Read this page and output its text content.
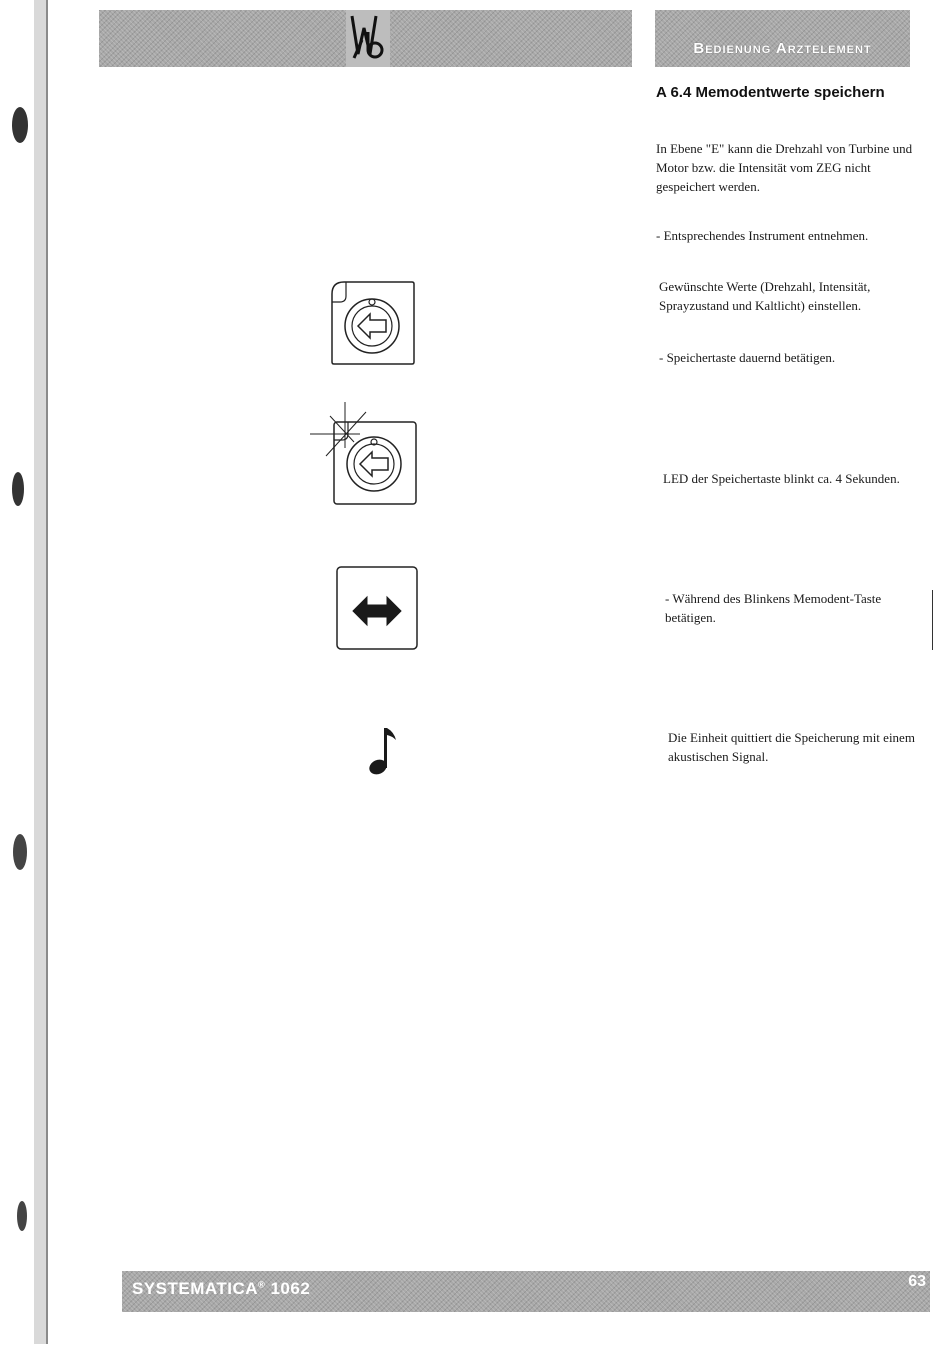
Bedienung Arztelement
A 6.4 Memodentwerte speichern
In Ebene "E" kann die Drehzahl von Turbine und Motor bzw. die Intensität vom ZEG nicht gespeichert werden.
- Entsprechendes Instrument entnehmen.
Gewünschte Werte (Drehzahl, Intensität, Sprayzustand und Kaltlicht) einstellen.
- Speichertaste dauernd betätigen.
LED der Speichertaste blinkt ca. 4 Sekunden.
- Während des Blinkens Memodent-Taste betätigen.
Die Einheit quittiert die Speicherung mit einem akustischen Signal.
SYSTEMATICA® 1062	63
